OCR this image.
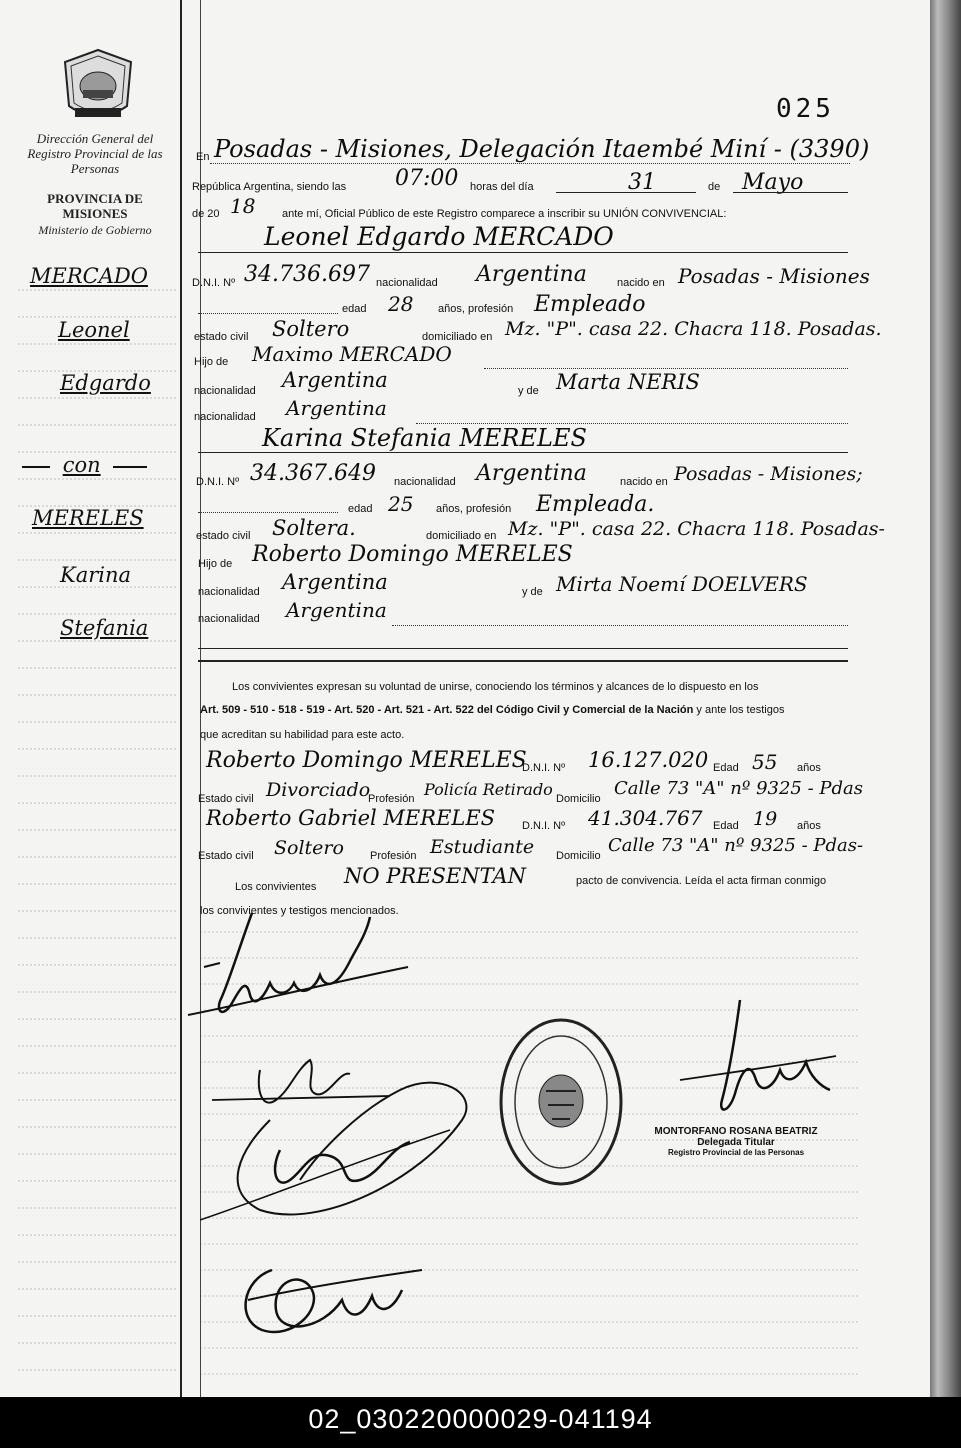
Dirección General del Registro Provincial de las Personas
PROVINCIA DE MISIONES
Ministerio de Gobierno
025
MERCADO
Leonel
Edgardo
con
MERELES
Karina
Stefania
En Posadas - Misiones, Delegación Itaembé Miní - (3390)
República Argentina, siendo las 07:00 horas del día	31	de Mayo
de 20 18 ante mí, Oficial Público de este Registro comparece a inscribir su UNIÓN CONVIVENCIAL:
Leonel Edgardo MERCADO
D.N.I. Nº 34.736.697 nacionalidad Argentina	nacido en Posadas - Misiones
edad 28 años, profesión Empleado
estado civil Soltero	domiciliado en Mz. "P". casa 22. Chacra 118. Posadas.
Hijo de Maximo MERCADO
nacionalidad Argentina	y de Marta NERIS
nacionalidad Argentina
Karina Stefania MERELES
D.N.I. Nº 34.367.649 nacionalidad Argentina	nacido en Posadas - Misiones;
edad 25 años, profesión Empleada.
estado civil Soltera.	domiciliado en Mz. "P". casa 22. Chacra 118. Posadas-
Hijo de Roberto Domingo MERELES
nacionalidad Argentina	y de Mirta Noemí DOELVERS
nacionalidad Argentina
Los convivientes expresan su voluntad de unirse, conociendo los términos y alcances de lo dispuesto en los
Art. 509 - 510 - 518 - 519 - Art. 520 - Art. 521 - Art. 522 del Código Civil y Comercial de la Nación y ante los testigos
que acreditan su habilidad para este acto.
Roberto Domingo MERELES
D.N.I. Nº 16.127.020 Edad 55 años
Estado civil Divorciado
Profesión Policía Retirado Domicilio Calle 73 "A" nº 9325 - Pdas
Roberto Gabriel MERELES D.N.I. Nº 41.304.767 Edad 19 años
Estado civil Soltero Profesión Estudiante Domicilio Calle 73 "A" nº 9325 - Pdas-
Los convivientes NO PRESENTAN	pacto de convivencia. Leída el acta firman conmigo
los convivientes y testigos mencionados.
MONTORFANO ROSANA BEATRIZ
Delegada Titular
Registro Provincial de las Personas
02_030220000029-041194
